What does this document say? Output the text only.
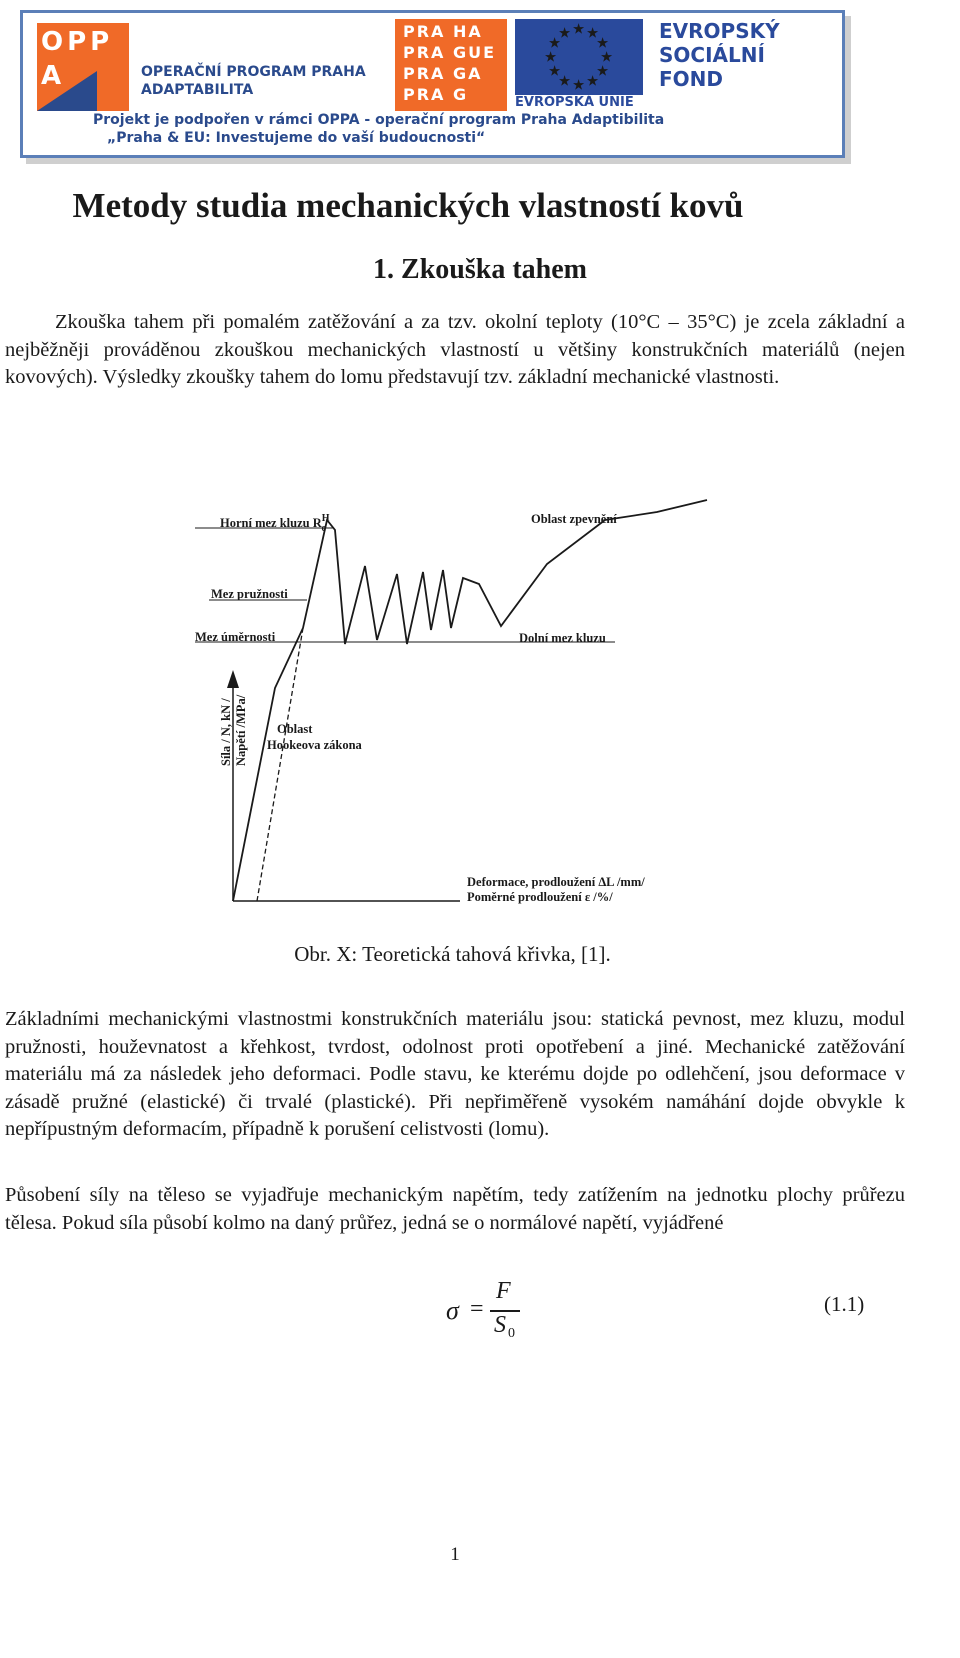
OPP
A	OPERAČNÍ PROGRAM PRAHA
ADAPTABILITA
PRA HA
PRA GUE
PRA GA
PRA G
★ ★
★
★
★
★
★
★
★
★
★
★
EVROPSKÁ UNIE
EVROPSKÝ
SOCIÁLNÍ
FOND
Projekt je podpořen v rámci OPPA - operační program Praha Adaptibilita
„Praha & EU: Investujeme do vaší budoucnosti“
Metody studia mechanických vlastností kovů
1. Zkouška tahem

Zkouška tahem při pomalém zatěžování a za tzv. okolní teploty (10°C – 35°C) je zcela základní a nejběžněji prováděnou zkouškou mechanických vlastností u většiny konstrukčních materiálů (nejen kovových). Výsledky zkoušky tahem do lomu představují tzv. základní mechanické vlastnosti.

Horní mez kluzu $R^H$ e
Oblast zpevnění
Mez pružnosti
Mez úměrnosti	Dolní mez kluzu
Síla / N, kN / Napětí /MPa/ Oblast
Hookeova zákona
Deformace, prodloužení ΔL /mm/
Poměrné prodloužení ε /%/
Obr. X: Teoretická tahová křivka, [1].

Základními mechanickými vlastnostmi konstrukčních materiálu jsou: statická pevnost, mez kluzu, modul pružnosti, houževnatost a křehkost, tvrdost, odolnost proti opotřebení a jiné. Mechanické zatěžování materiálu má za následek jeho deformaci. Podle stavu, ke kterému dojde po odlehčení, jsou deformace v zásadě pružné (elastické) či trvalé (plastické). Při nepřiměřeně vysokém namáhání dojde obvykle k nepřípustným deformacím, případně k porušení celistvosti (lomu).

Působení síly na těleso se vyjadřuje mechanickým napětím, tedy zatížením na jednotku plochy průřezu tělesa. Pokud síla působí kolmo na daný průřez, jedná se o normálové napětí, vyjádřené

σ =
F
S 0
(1.1)
1
